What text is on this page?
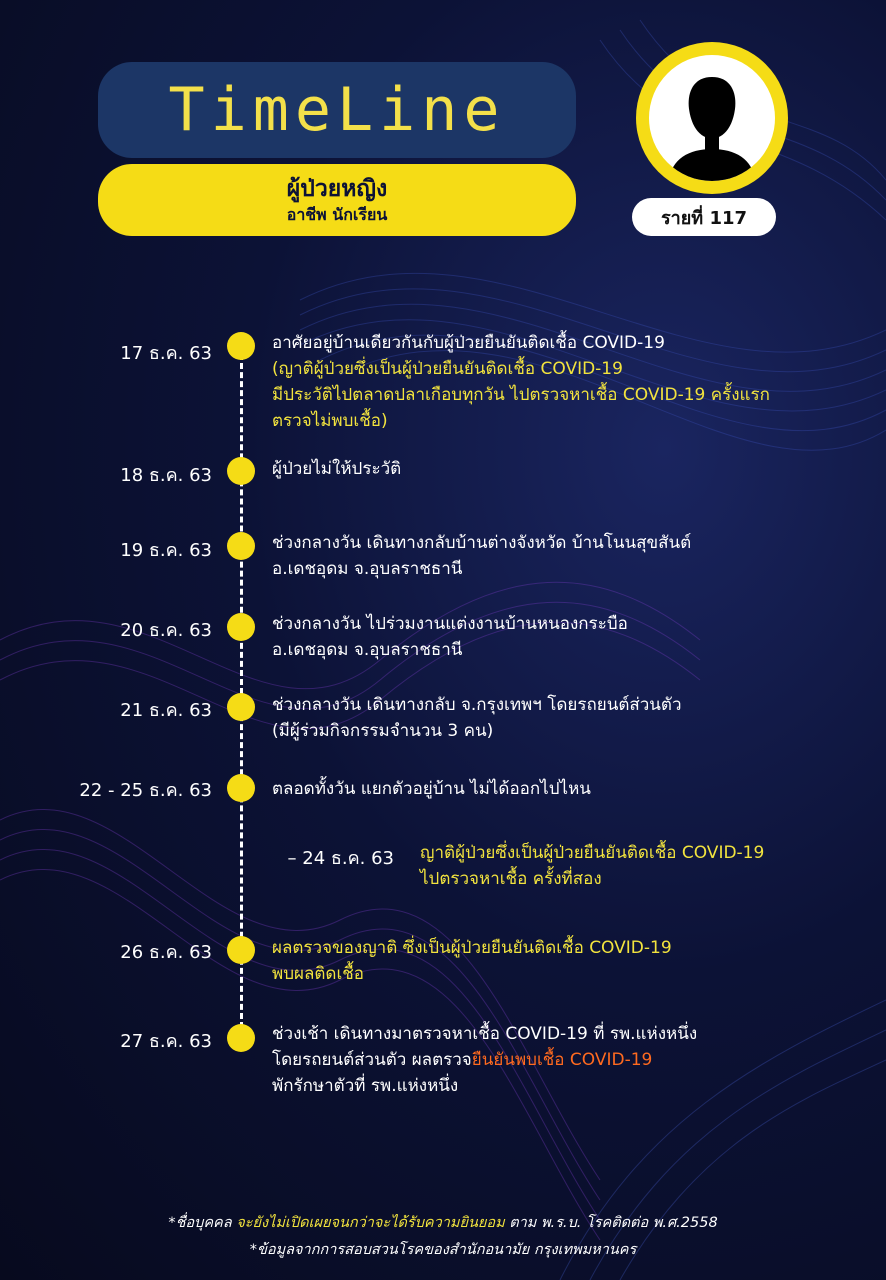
TimeLine
ผู้ป่วยหญิง
อาชีพ นักเรียน	รายที่ 117
17 ธ.ค. 63	อาศัยอยู่บ้านเดียวกันกับผู้ป่วยยืนยันติดเชื้อ COVID-19
(ญาติผู้ป่วยซึ่งเป็นผู้ป่วยยืนยันติดเชื้อ COVID-19
มีประวัติไปตลาดปลาเกือบทุกวัน ไปตรวจหาเชื้อ COVID-19 ครั้งแรก
ตรวจไม่พบเชื้อ)
18 ธ.ค. 63	ผู้ป่วยไม่ให้ประวัติ
19 ธ.ค. 63	ช่วงกลางวัน เดินทางกลับบ้านต่างจังหวัด บ้านโนนสุขสันต์
อ.เดชอุดม จ.อุบลราชธานี
20 ธ.ค. 63	ช่วงกลางวัน ไปร่วมงานแต่งงานบ้านหนองกระบือ
อ.เดชอุดม จ.อุบลราชธานี
21 ธ.ค. 63	ช่วงกลางวัน เดินทางกลับ จ.กรุงเทพฯ โดยรถยนต์ส่วนตัว
(มีผู้ร่วมกิจกรรมจำนวน 3 คน)
22 - 25 ธ.ค. 63	ตลอดทั้งวัน แยกตัวอยู่บ้าน ไม่ได้ออกไปไหน
– 24 ธ.ค. 63 ญาติผู้ป่วยซึ่งเป็นผู้ป่วยยืนยันติดเชื้อ COVID-19
ไปตรวจหาเชื้อ ครั้งที่สอง
26 ธ.ค. 63	ผลตรวจของญาติ ซึ่งเป็นผู้ป่วยยืนยันติดเชื้อ COVID-19
พบผลติดเชื้อ
27 ธ.ค. 63	ช่วงเช้า เดินทางมาตรวจหาเชื้อ COVID-19 ที่ รพ.แห่งหนึ่ง
โดยรถยนต์ส่วนตัว ผลตรวจยืนยันพบเชื้อ COVID-19
พักรักษาตัวที่ รพ.แห่งหนึ่ง
*ชื่อบุคคล จะยังไม่เปิดเผยจนกว่าจะได้รับความยินยอม ตาม พ.ร.บ. โรคติดต่อ พ.ศ.2558
*ข้อมูลจากการสอบสวนโรคของสำนักอนามัย กรุงเทพมหานคร
